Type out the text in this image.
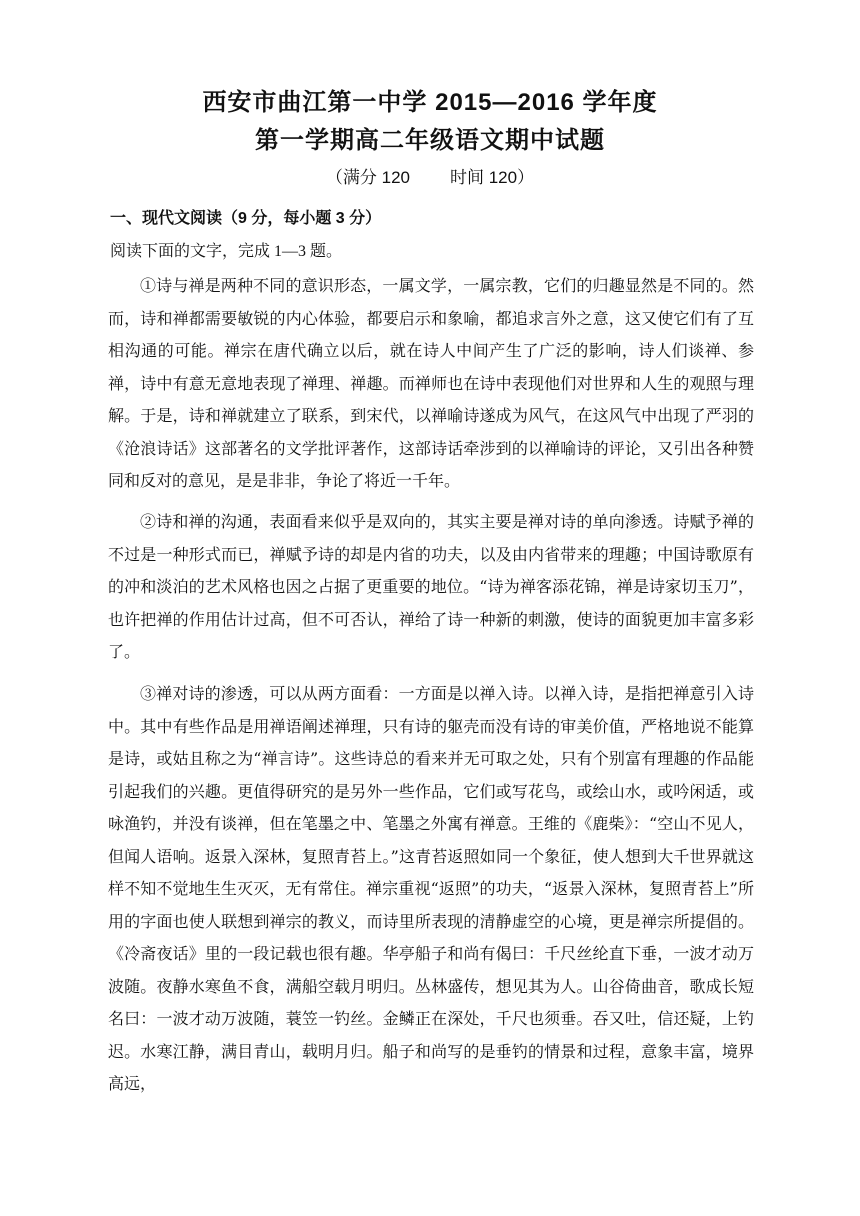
西安市曲江第一中学 2015—2016 学年度
第一学期高二年级语文期中试题
（满分 120 时间 120）
一、现代文阅读（9 分，每小题 3 分）
阅读下面的文字，完成 1—3 题。

①诗与禅是两种不同的意识形态，一属文学，一属宗教，它们的归趣显然是不同的。然而，诗和禅都需要敏锐的内心体验，都要启示和象喻，都追求言外之意，这又使它们有了互相沟通的可能。禅宗在唐代确立以后，就在诗人中间产生了广泛的影响，诗人们谈禅、参禅，诗中有意无意地表现了禅理、禅趣。而禅师也在诗中表现他们对世界和人生的观照与理解。于是，诗和禅就建立了联系，到宋代，以禅喻诗遂成为风气，在这风气中出现了严羽的《沧浪诗话》这部著名的文学批评著作，这部诗话牵涉到的以禅喻诗的评论，又引出各种赞同和反对的意见，是是非非，争论了将近一千年。

②诗和禅的沟通，表面看来似乎是双向的，其实主要是禅对诗的单向渗透。诗赋予禅的不过是一种形式而已，禅赋予诗的却是内省的功夫，以及由内省带来的理趣；中国诗歌原有的冲和淡泊的艺术风格也因之占据了更重要的地位。“诗为禅客添花锦，禅是诗家切玉刀”，也许把禅的作用估计过高，但不可否认，禅给了诗一种新的刺激，使诗的面貌更加丰富多彩了。

③禅对诗的渗透，可以从两方面看：一方面是以禅入诗。以禅入诗，是指把禅意引入诗中。其中有些作品是用禅语阐述禅理，只有诗的躯壳而没有诗的审美价值，严格地说不能算是诗，或姑且称之为“禅言诗”。这些诗总的看来并无可取之处，只有个别富有理趣的作品能引起我们的兴趣。更值得研究的是另外一些作品，它们或写花鸟，或绘山水，或吟闲适，或咏渔钓，并没有谈禅，但在笔墨之中、笔墨之外寓有禅意。王维的《鹿柴》：“空山不见人，但闻人语响。返景入深林，复照青苔上。”这青苔返照如同一个象征，使人想到大千世界就这样不知不觉地生生灭灭，无有常住。禅宗重视“返照”的功夫，“返景入深林，复照青苔上”所用的字面也使人联想到禅宗的教义，而诗里所表现的清静虚空的心境，更是禅宗所提倡的。《冷斋夜话》里的一段记载也很有趣。华亭船子和尚有偈曰：千尺丝纶直下垂，一波才动万波随。夜静水寒鱼不食，满船空载月明归。丛林盛传，想见其为人。山谷倚曲音，歌成长短名曰：一波才动万波随，蓑笠一钓丝。金鳞正在深处，千尺也须垂。吞又吐，信还疑，上钓迟。水寒江静，满目青山，载明月归。船子和尚写的是垂钓的情景和过程，意象丰富，境界高远，
